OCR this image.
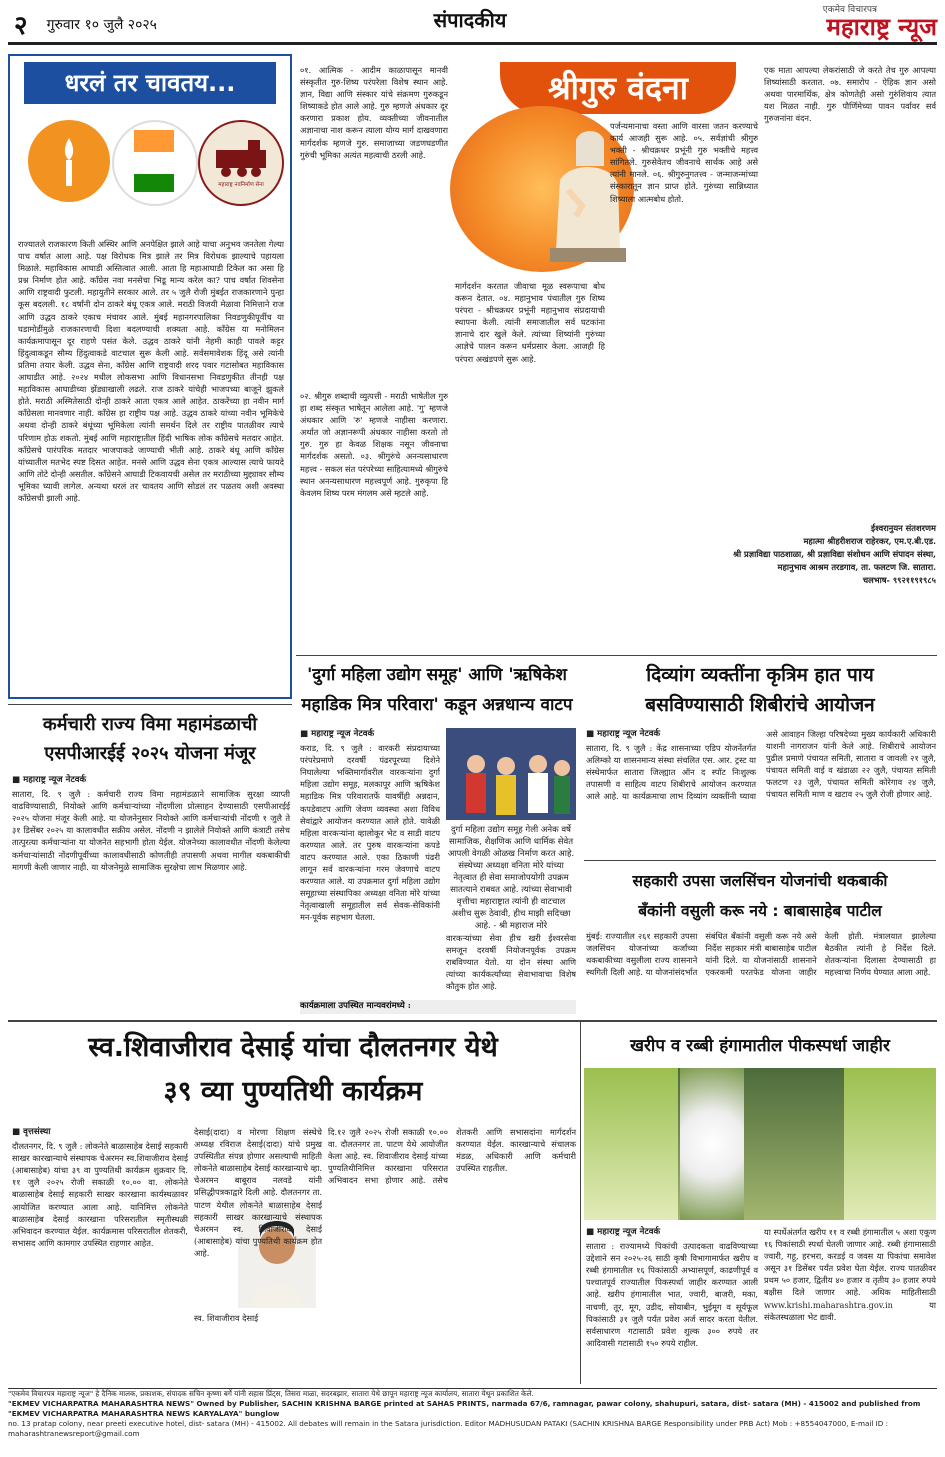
२ गुरुवार १० जुलै २०२५	संपादकीय	एकमेव विचारपत्र
महाराष्ट्र न्यूज
धरलं तर चावतय...
महाराष्ट्र नवनिर्माण सेना
राज्यातले राजकारण किती अस्थिर आणि अनपेक्षित झाले आहे याचा अनुभव जनतेला गेल्या पाच वर्षात आला आहे. पक्ष विरोधक मित्र झाले तर मित्र विरोधक झाल्याचे पहायला मिळाले. महाविकास आघाडी अस्तित्वात आली. आता हि महाआघाडी टिकेल का असा हि प्रश्न निर्माण होत आहे. काँग्रेस नवा मनसेचा भिडू मान्य करेल का? पाच वर्षात शिवसेना आणि राष्ट्रवादी फुटली. महायुतीने सरकार आले. तर ५ जुलै रोजी मुंबईत राजकारणाने पुन्हा कूस बदलली. १८ वर्षांनी दोन ठाकरे बंधू एकत्र आले. मराठी विजयी मेळावा निमित्ताने राज आणि उद्धव ठाकरे एकाच मंचावर आले. मुंबई महानगरपालिका निवडणुकीपूर्वीच या घडामोडींमुळे राजकारणाची दिशा बदलण्याची शक्यता आहे. काँग्रेस या मनोमिलन कार्यक्रमापासून दूर राहणे पसंत केले. उद्धव ठाकरे यांनी नेहमी काही पावले कट्टर हिंदुत्वाकडून सौम्य हिंदुत्वाकडे वाटचाल सुरू केली आहे. सर्वसमावेशक हिंदू असे त्यांनी प्रतिमा तयार केली. उद्धव सेना, काँग्रेस आणि राष्ट्रवादी शरद पवार गटासोबत महाविकास आघाडीत आहे. २०२४ मधील लोकसभा आणि विधानसभा निवडणुकीत तीनही पक्ष महाविकास आघाडीच्या झेंड्याखाली लढले. राज ठाकरे यांचेही भाजपच्या बाजूने झुकले होते. मराठी अस्मितेसाठी दोन्ही ठाकरे आता एकत्र आले आहेत. ठाकरेंच्या हा नवीन मार्ग काँग्रेसला मानवणार नाही. काँग्रेस हा राष्ट्रीय पक्ष आहे. उद्धव ठाकरे यांच्या नवीन भूमिकेचे अथवा दोन्ही ठाकरे बंधूंच्या भूमिकेला त्यांनी समर्थन दिले तर राष्ट्रीय पातळीवर त्याचे परिणाम होऊ शकतो. मुंबई आणि महाराष्ट्रातील हिंदी भाषिक लोक काँग्रेसचे मतदार आहेत. काँग्रेसचे पारंपरिक मतदार भाजपाकडे जाण्याची भीती आहे. ठाकरे बंधू आणि काँग्रेस यांच्यातील मतभेद स्पष्ट दिसत आहेत. मनसे आणि उद्धव सेना एकत्र आल्यास त्याचे फायदे आणि तोटे दोन्ही असतील. काँग्रेसने आघाडी टिकवायची असेल तर मराठीच्या मुद्द्यावर सौम्य भूमिका घ्यावी लागेल. अन्यथा धरलं तर चावतय आणि सोडलं तर पळतय अशी अवस्था काँग्रेसची झाली आहे.
०१. आत्मिक - आदीम काळापासून मानवी संस्कृतीत गुरु-शिष्य परंपरेला विशेष स्थान आहे. ज्ञान, विद्या आणि संस्कार यांचे संक्रमण गुरुकडून शिष्याकडे होत आले आहे. गुरु म्हणजे अंधकार दूर करणारा प्रकाश होय. व्यक्तीच्या जीवनातील अज्ञानाचा नाश करून त्याला योग्य मार्ग दाखवणारा मार्गदर्शक म्हणजे गुरु. समाजाच्या जडणघडणीत गुरुंची भूमिका अत्यंत महत्वाची ठरली आहे.
०२. श्रीगुरु शब्दाची व्युत्पत्ती - मराठी भाषेतील गुरु हा शब्द संस्कृत भाषेतून आलेला आहे. 'गु' म्हणजे अंधकार आणि 'रु' म्हणजे नाहीसा करणारा. अर्थात जो अज्ञानरूपी अंधकार नाहीसा करतो तो गुरु. गुरु हा केवळ शिक्षक नसून जीवनाचा मार्गदर्शक असतो. ०३. श्रीगुरुंचे अनन्यसाधारण महत्त्व - सकल संत परंपरेच्या साहित्यामध्ये श्रीगुरुंचे स्थान अनन्यसाधारण महत्त्वपूर्ण आहे. गुरुकृपा हि केवलम शिष्य परम मंगलम असे म्हटले आहे.
श्रीगुरु वंदना
मार्गदर्शन करतात जीवाचा मूळ स्वरूपाचा बोध करून देतात. ०४. महानुभाव पंथातील गुरु शिष्य परंपरा - श्रीचक्रधर प्रभूंनी महानुभाव संप्रदायाची स्थापना केली. त्यांनी समाजातील सर्व घटकांना ज्ञानाचे दार खुले केले. त्यांच्या शिष्यांनी गुरुंच्या आज्ञेचे पालन करून धर्मप्रसार केला. आजही हि परंपरा अखंडपणे सुरू आहे.
पर्जन्यमानाचा वस्ता आणि वारसा जतन करण्याचे कार्य आजही सुरू आहे. ०५. सर्वज्ञांची श्रीगुरु भक्ती - श्रीचक्रधर प्रभूंनी गुरु भक्तीचे महत्त्व सांगितले. गुरुसेवेतच जीवनाचे सार्थक आहे असे त्यांनी मानले. ०६. श्रीगुरुनुगतत्त्व - जन्माजन्मांच्या संस्कारातून ज्ञान प्राप्त होते. गुरुंच्या सान्निध्यात शिष्याला आत्मबोध होतो.
एक माता आपल्या लेकरांसाठी जे करते तेच गुरु आपल्या शिष्यांसाठी करतात. ०७. समारोप - ऐहिक ज्ञान असो अथवा पारमार्थिक, क्षेत्र कोणतेही असो गुरुंशिवाय त्यात यश मिळत नाही. गुरु पौर्णिमेच्या पावन पर्वावर सर्व गुरुजनांना वंदन.
ईश्वरानुयन संतशरणम
महात्मा श्रीहरीशराज राहेरकर, एम.ए.बी.एड.
श्री प्रज्ञाविद्या पाठशाळा, श्री प्रज्ञाविद्या संशोधन आणि संपादन संस्था,
महानुभाव आश्रम तरडगाव, ता. फलटण जि. सातारा.
चलभाष- ९९२११९१९८५
'दुर्गा महिला उद्योग समूह' आणि 'ऋषिकेश
महाडिक मित्र परिवारा' कडून अन्नधान्य वाटप
■ महाराष्ट्र न्यूज नेटवर्क
कराड, दि. ९ जुलै : वारकरी संप्रदायाच्या परंपरेप्रमाणे दरवर्षी पंढरपूरच्या दिशेने निघालेल्या भक्तिमार्गावरील वारकऱ्यांना दुर्गा महिला उद्योग समूह, मलकापूर आणि ऋषिकेश महाडिक मित्र परिवारातर्फे यावर्षीही अन्नदान, कपडेवाटप आणि जेवण व्यवस्था अशा विविध सेवांद्वारे आयोजन करण्यात आले होते. यावेळी महिला वारकऱ्यांना व्हालोकूर भेट व साडी वाटप करण्यात आले. तर पुरुष वारकऱ्यांना कपडे वाटप करण्यात आले. एका ठिकाणी पंढरी लागून सर्व वारकऱ्यांना गरम जेवणाचे वाटप करण्यात आले. या उपक्रमात दुर्गा महिला उद्योग समूहाच्या संस्थापिका अध्यक्षा वनिता मोरे यांच्या नेतृत्वाखाली समूहातील सर्व सेवक-सेविकांनी मन-पूर्वक सहभाग घेतला.
दुर्गा महिला उद्योग समूह गेली अनेक वर्षे सामाजिक, शैक्षणिक आणि धार्मिक सेवेत आपली वेगळी ओळख निर्माण करत आहे. संस्थेच्या अध्यक्षा वनिता मोरे यांच्या नेतृत्वात ही सेवा समाजोपयोगी उपक्रम सातत्याने राबवत आहे. त्यांच्या सेवाभावी वृत्तीचा महाराष्ट्रात त्यांनी ही वाटचाल अशीच सुरू ठेवावी, हीच माझी सदिच्छा आहे. - श्री महाराज मोरे
वारकऱ्यांच्या सेवा हीच खरी ईश्वरसेवा समजून दरवर्षी नियोजनपूर्वक उपक्रम राबविण्यात येतो. या दोन संस्था आणि त्यांच्या कार्यकर्त्यांच्या सेवाभावाचा विशेष कौतुक होत आहे.
कार्यक्रमाला उपस्थित मान्यवरांमध्ये :
दिव्यांग व्यक्तींना कृत्रिम हात पाय
बसविण्यासाठी शिबीरांचे आयोजन
■ महाराष्ट्र न्यूज नेटवर्क
सातारा, दि. ९ जुलै : केंद्र शासनाच्या एडिप योजनेंतर्गत अलिम्को या शासनमान्य संस्था संचलित एस. आर. ट्रस्ट या संस्थेमार्फत सातारा जिल्ह्यात ऑन द स्पॉट निःशुल्क तपासणी व साहित्य वाटप शिबीराचे आयोजन करण्यात आले आहे. या कार्यक्रमाचा लाभ दिव्यांग व्यक्तींनी घ्यावा असे आवाहन जिल्हा परिषदेच्या मुख्य कार्यकारी अधिकारी याशनी नागराजन यांनी केले आहे. शिबीराचे आयोजन पुढील प्रमाणे पंचायत समिती, सातारा व जावली २१ जुलै, पंचायत समिती वाई व खंडाळा २२ जुलै, पंचायत समिती फलटण २३ जुलै, पंचायत समिती कोरेगाव २४ जुलै, पंचायत समिती माण व खटाव २५ जुलै रोजी होणार आहे.
सहकारी उपसा जलसिंचन योजनांची थकबाकी
बँकांनी वसुली करू नये : बाबासाहेब पाटील
मुंबई: राज्यातील २६१ सहकारी उपसा जलसिंचन योजनांच्या कर्जांच्या थकबाकीच्या वसुलीला राज्य शासनाने स्थगिती दिली आहे. या योजनांसंदर्भात संबंधित बँकांनी वसुली करू नये असे निर्देश सहकार मंत्री बाबासाहेब पाटील यांनी दिले. या योजनांसाठी शासनाने एकरकमी परतफेड योजना जाहीर केली होती. मंत्रालयात झालेल्या बैठकीत त्यांनी हे निर्देश दिले. शेतकऱ्यांना दिलासा देण्यासाठी हा महत्त्वाचा निर्णय घेण्यात आला आहे.
कर्मचारी राज्य विमा महामंडळाची
एसपीआरईई २०२५ योजना मंजूर
■ महाराष्ट्र न्यूज नेटवर्क
सातारा, दि. ९ जुलै : कर्मचारी राज्य विमा महामंडळाने सामाजिक सुरक्षा व्याप्ती वाढविण्यासाठी, नियोक्ते आणि कर्मचाऱ्यांच्या नोंदणीला प्रोत्साहन देण्यासाठी एसपीआरईई २०२५ योजना मंजूर केली आहे. या योजनेनुसार नियोक्ते आणि कर्मचाऱ्यांची नोंदणी १ जुलै ते ३१ डिसेंबर २०२५ या कालावधीत सक्रीय असेल. नोंदणी न झालेले नियोक्ते आणि कंत्राटी तसेच तात्पुरत्या कर्मचाऱ्यांना या योजनेत सहभागी होता येईल. योजनेच्या कालावधीत नोंदणी केलेल्या कर्मचाऱ्यांसाठी नोंदणीपूर्वीच्या कालावधीसाठी कोणतीही तपासणी अथवा मागील थकबाकीची मागणी केली जाणार नाही. या योजनेमुळे सामाजिक सुरक्षेचा लाभ मिळणार आहे.
स्व.शिवाजीराव देसाई यांचा दौलतनगर येथे
३९ व्या पुण्यतिथी कार्यक्रम
■ वृत्तसंस्था
दौलतनगर, दि. ९ जुलै : लोकनेते बाळासाहेब देसाई सहकारी साखर कारखान्याचे संस्थापक चेअरमन स्व.शिवाजीराव देसाई (आबासाहेब) यांचा ३९ वा पुण्यतिथी कार्यक्रम शुक्रवार दि. ११ जुलै २०२५ रोजी सकाळी १०.०० वा. लोकनेते बाळासाहेब देसाई सहकारी साखर कारखाना कार्यस्थळावर आयोजित करण्यात आला आहे. यानिमित्त लोकनेते बाळासाहेब देसाई कारखाना परिसरातील स्मृतीस्थळी अभिवादन करण्यात येईल. कार्यक्रमास परिसरातील शेतकरी, सभासद आणि कामगार उपस्थित राहणार आहेत.
देसाई(दादा) व मोरणा शिक्षण संस्थेचे अध्यक्ष रविराज देसाई(दादा) यांचे प्रमुख उपस्थितीत संपन्न होणार असल्याची माहिती लोकनेते बाळासाहेब देसाई कारखान्याचे व्हा. चेअरमन बाबूराव नलवडे यांनी प्रसिद्धीपत्रकाद्वारे दिली आहे. दौलतनगर ता. पाटण येथील लोकनेते बाळासाहेब देसाई सहकारी साखर कारखान्याचे संस्थापक चेअरमन स्व. शिवाजीराव देसाई (आबासाहेब) यांचा पुण्यतिथी कार्यक्रम होत आहे.
स्व. शिवाजीराव देसाई
दि.१२ जुलै २०२५ रोजी सकाळी १०.०० वा. दौलतनगर ता. पाटण येथे आयोजीत केला आहे. स्व. शिवाजीराव देसाई यांच्या पुण्यतिथीनिमित्त कारखाना परिसरात अभिवादन सभा होणार आहे. तसेच शेतकरी आणि सभासदांना मार्गदर्शन करण्यात येईल. कारखान्याचे संचालक मंडळ, अधिकारी आणि कर्मचारी उपस्थित राहतील.
खरीप व रब्बी हंगामातील पीकस्पर्धा जाहीर
■ महाराष्ट्र न्यूज नेटवर्क
सातारा : राज्यामध्ये पिकांची उत्पादकता वाढविण्याच्या उद्देशाने सन २०२५-२६ साठी कृषी विभागामार्फत खरीप व रब्बी हंगामातील १६ पिकांसाठी अभ्यासपूर्ण, काढणीपूर्व व पश्चातपूर्व राज्यातील पिकस्पर्धा जाहीर करण्यात आली आहे. खरीप हंगामातील भात, ज्वारी, बाजरी, मका, नाचणी, तूर, मूग, उडीद, सोयाबीन, भुईमूग व सूर्यफूल पिकांसाठी ३१ जुलै पर्यंत प्रवेश अर्ज सादर करता येतील. सर्वसाधारण गटासाठी प्रवेश शुल्क ३०० रुपये तर आदिवासी गटासाठी १५० रुपये राहील.
या स्पर्धेअंतर्गत खरीप ११ व रब्बी हंगामातील ५ अशा एकूण १६ पिकांसाठी स्पर्धा घेतली जाणार आहे. रब्बी हंगामासाठी ज्वारी, गहू, हरभरा, करडई व जवस या पिकांचा समावेश असून ३१ डिसेंबर पर्यंत प्रवेश घेता येईल. राज्य पातळीवर प्रथम ५० हजार, द्वितीय ४० हजार व तृतीय ३० हजार रुपये बक्षीस दिले जाणार आहे. अधिक माहितीसाठी www.krishi.maharashtra.gov.in या संकेतस्थळाला भेट द्यावी.
"एकमेव विचारपत्र महाराष्ट्र न्यूज" हे दैनिक मालक, प्रकाशक, संपादक सचिन कृष्णा बर्गे यांनी सहास प्रिंट्स, तिसरा माळा, सदरबझार, सातारा येथे छापून महाराष्ट्र न्यूज कार्यालय, सातारा येथून प्रकाशित केले.
"EKMEV VICHARPATRA MAHARASHTRA NEWS" Owned by Publisher, SACHIN KRISHNA BARGE printed at SAHAS PRINTS, narmada 67/6, ramnagar, pawar colony, shahupuri, satara, dist- satara (MH) - 415002 and published from "EKMEV VICHARPATRA MAHARASHTRA NEWS KARYALAYA" bunglow
no. 13 pratap colony, near preeti executive hotel, dist- satara (MH) - 415002. All debates will remain in the Satara jurisdiction. Editor MADHUSUDAN PATAKI (SACHIN KRISHNA BARGE Responsibility under PRB Act) Mob : +8554047000, E-mail ID : maharashtranewsreport@gmail.com
